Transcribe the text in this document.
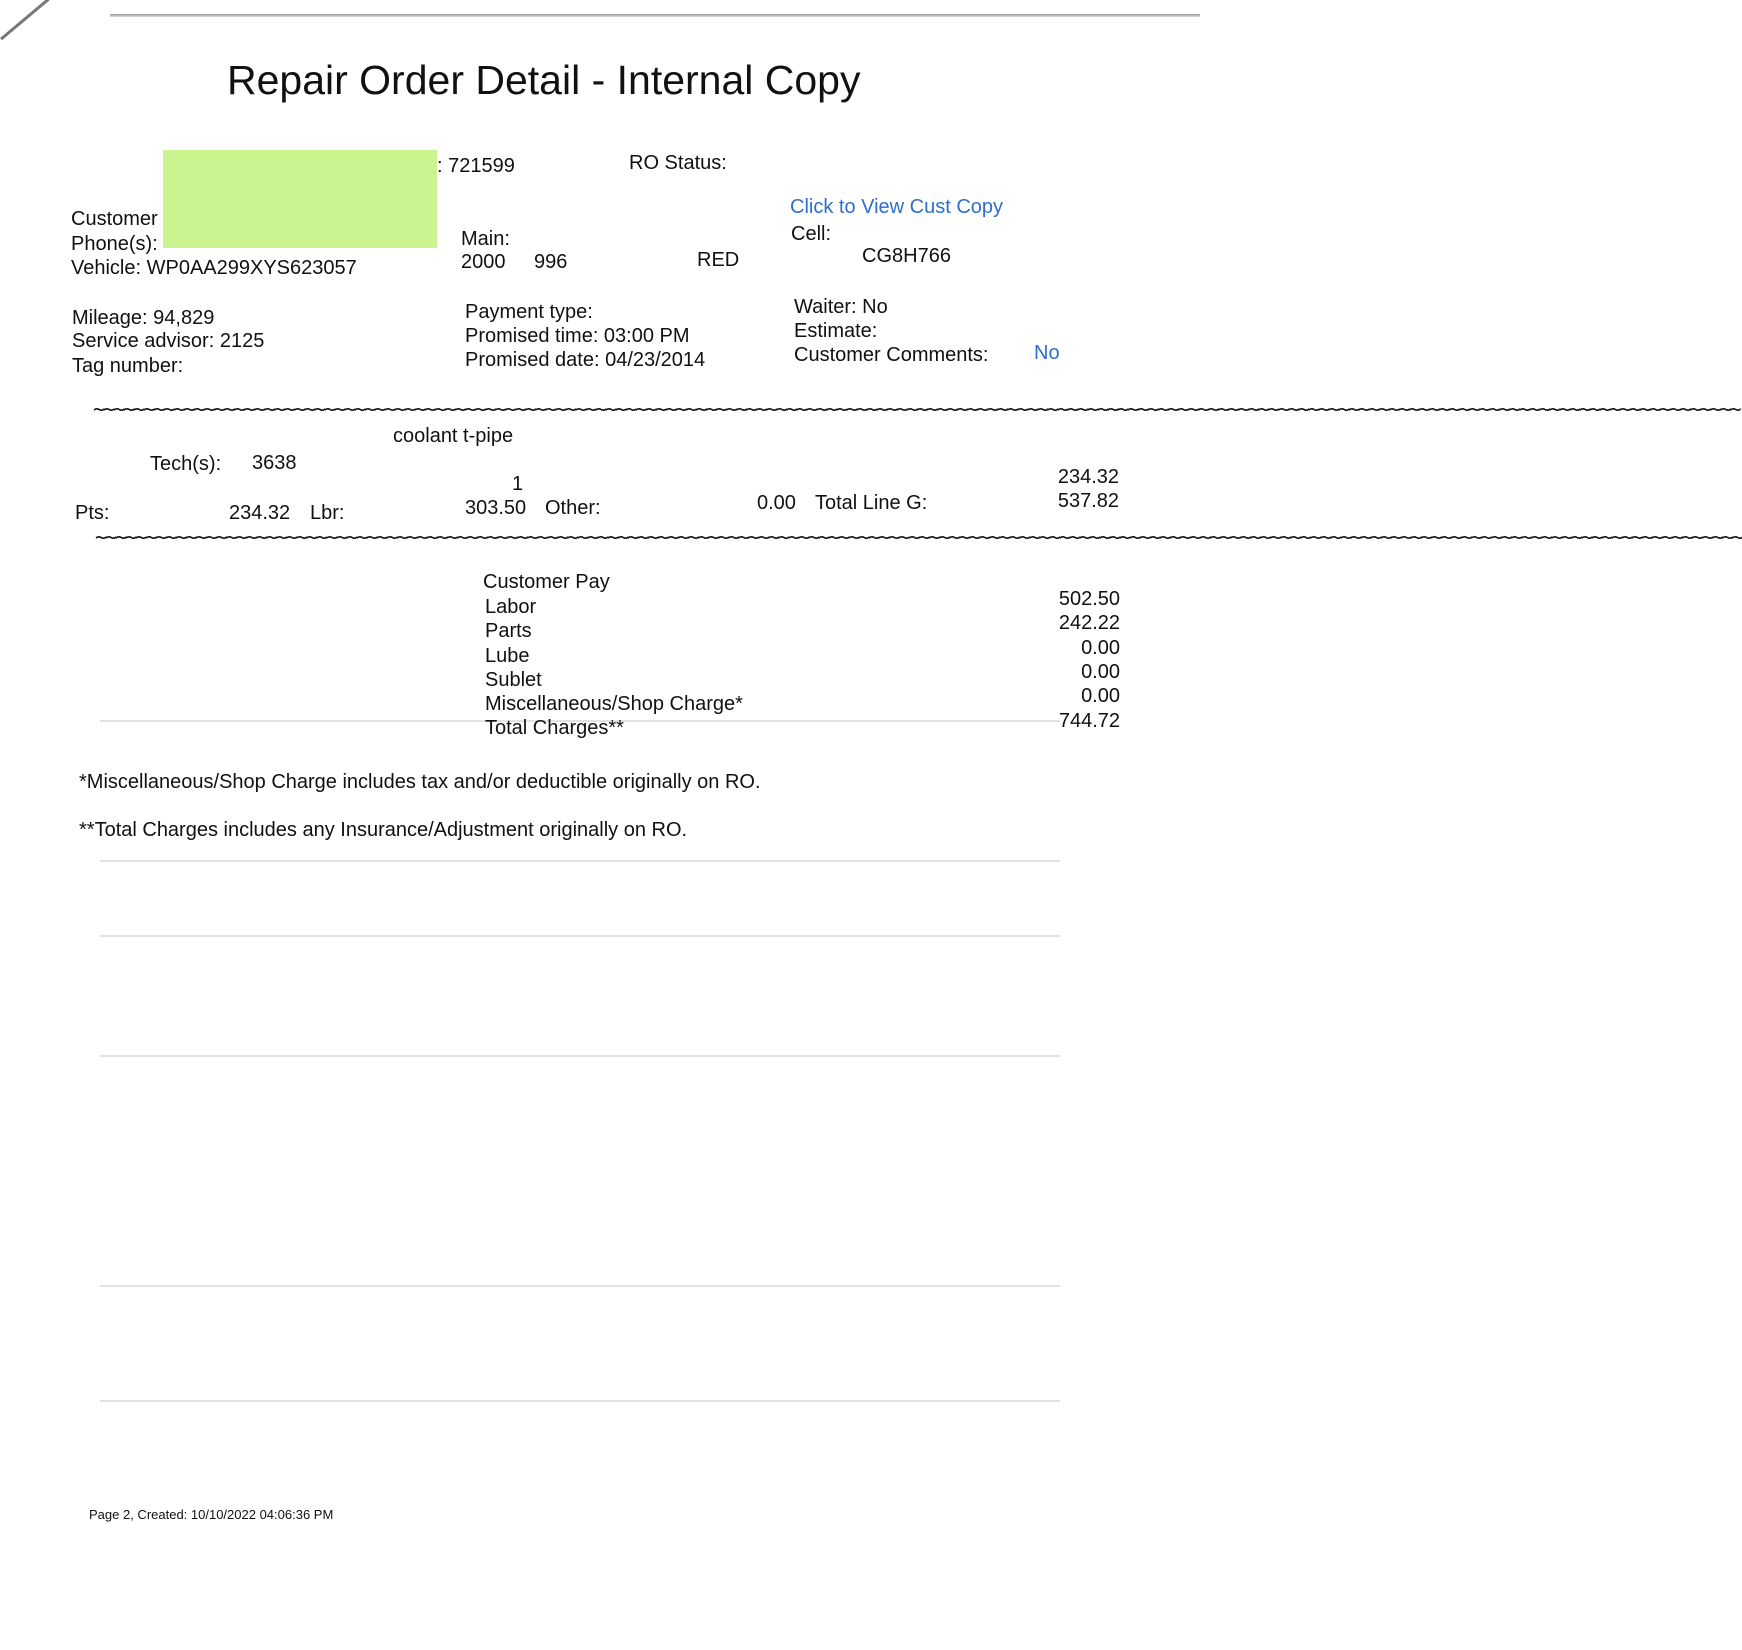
Repair Order Detail - Internal Copy
: 721599	RO Status:
Click to View Cust Copy
Customer
Phone(s):
Vehicle: WP0AA299XYS623057
Main:
2000 996	RED
Cell:
CG8H766
Mileage: 94,829
Service advisor: 2125
Tag number:
Payment type:
Promised time: 03:00 PM
Promised date: 04/23/2014
Waiter: No
Estimate:
Customer Comments: No
~~~~~~~~~~~~~~~~~~~~~~~~~~~~~~~~~~~~~~~~~~~~~~~~~~~~~~~~~~~~~~~~~~~~~~~~~~~~~~~~~~~~~~~~~~~~~~~~~~~~~~~~~~~~~~~~~~~~~~~~~~~~~~~~~~~~~~~~~~~~~~~~~~~~~~~~~~~~~~~~~~~~
coolant t-pipe
Tech(s): 3638
1	234.32
Pts:	234.32 Lbr:	303.50 Other:	0.00 Total Line G:	537.82
~~~~~~~~~~~~~~~~~~~~~~~~~~~~~~~~~~~~~~~~~~~~~~~~~~~~~~~~~~~~~~~~~~~~~~~~~~~~~~~~~~~~~~~~~~~~~~~~~~~~~~~~~~~~~~~~~~~~~~~~~~~~~~~~~~~~~~~~~~~~~~~~~~~~~~~~~~~~~~~~~~~~
Customer Pay
Labor	502.50
Parts	242.22
Lube	0.00
Sublet	0.00
Miscellaneous/Shop Charge*	0.00
Total Charges**	744.72
*Miscellaneous/Shop Charge includes tax and/or deductible originally on RO.
**Total Charges includes any Insurance/Adjustment originally on RO.
Page 2, Created: 10/10/2022 04:06:36 PM
